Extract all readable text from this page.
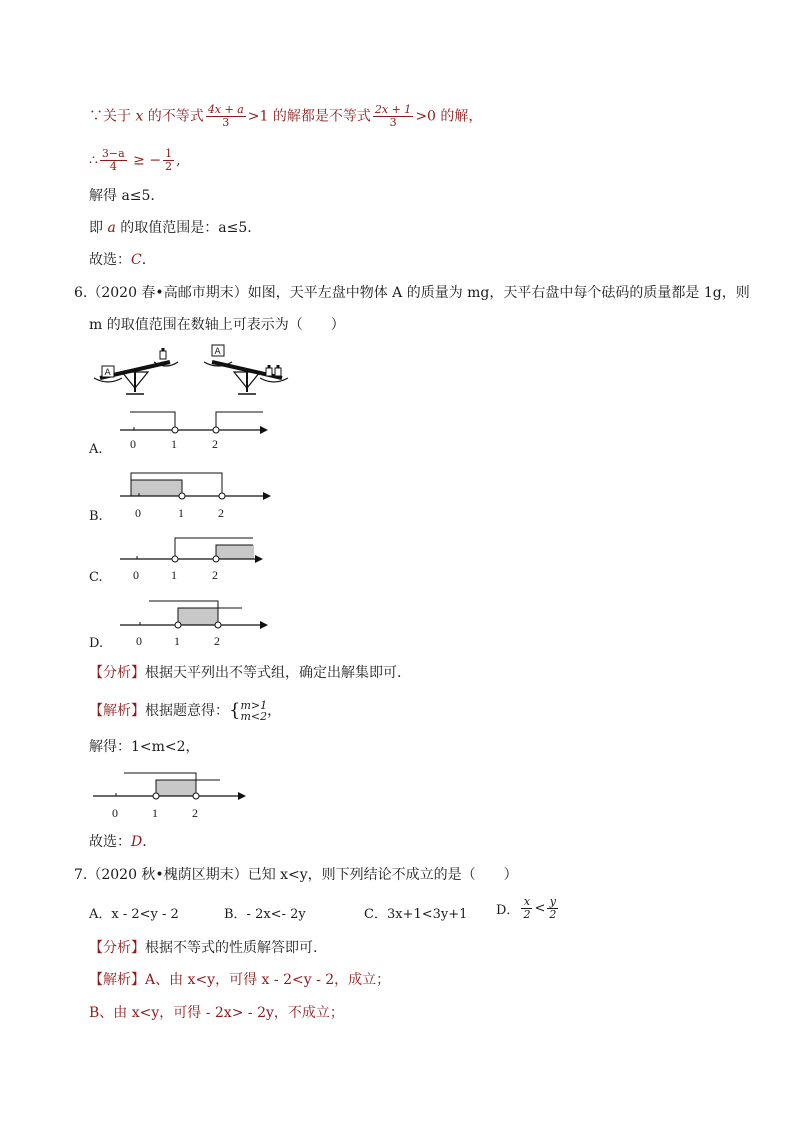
∵关于 x 的不等式 $\frac{4x + a}{3} >1$ 的解都是不等式 $\frac{2x + 1}{3} >0$ 的解，
∴ $\frac{3-a}{4}$ ≥ − $\frac{1}{2}$ ,
解得 a≤5.
即 a 的取值范围是：a≤5.
故选：C.
6.（2020 春•高邮市期末）如图，天平左盘中物体 A 的质量为 mg，天平右盘中每个砝码的质量都是 1g，则
m 的取值范围在数轴上可表示为（　　）
A
A
A. 0	1	2
B.	0	1	2
C.	0	1	2
D.	0	1	2
【分析】根据天平列出不等式组，确定出解集即可.
【解析】根据题意得：{ m>1
m<2 ，
解得：1<m<2，
0	1	2
故选：D.
7.（2020 秋•槐荫区期末）已知 x<y，则下列结论不成立的是（　　）
A．x - 2<y - 2	B．- 2x<- 2y	C．3x+1<3y+1 D． $\frac{x}{2} < \frac{y}{2}$
【分析】根据不等式的性质解答即可.
【解析】A、由 x<y，可得 x - 2<y - 2，成立；
B、由 x<y，可得 - 2x> - 2y，不成立；
